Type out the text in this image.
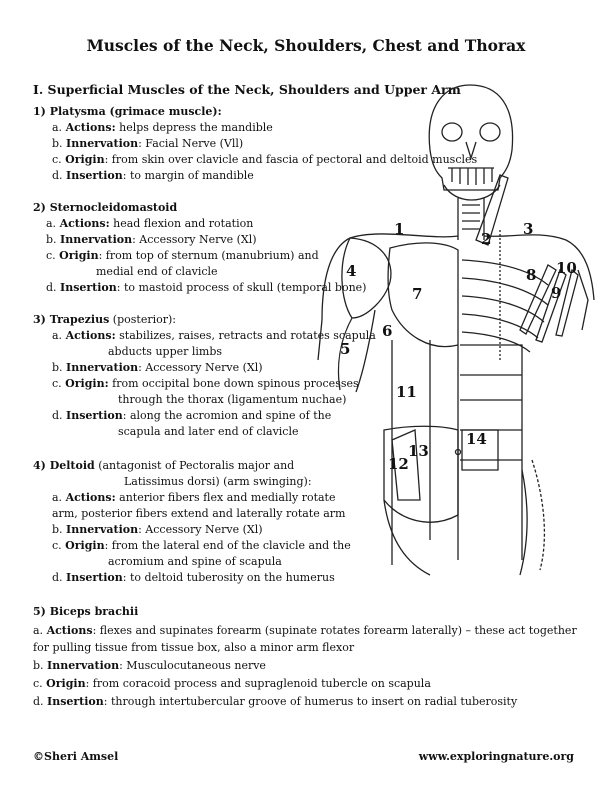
Muscles of the Neck, Shoulders, Chest and Thorax
I. Superficial Muscles of the Neck, Shoulders and Upper Arm
1) Platysma (grimace muscle):
a. Actions: helps depress the mandible
b. Innervation: Facial Nerve (Vll)
c. Origin: from skin over clavicle and fascia of pectoral and deltoid muscles
d. Insertion: to margin of mandible
2) Sternocleidomastoid
a. Actions: head flexion and rotation
b. Innervation: Accessory Nerve (Xl)
c. Origin: from top of sternum (manubrium) and
medial end of clavicle
d. Insertion: to mastoid process of skull (temporal bone)
3) Trapezius (posterior):
a. Actions: stabilizes, raises, retracts and rotates scapula
abducts upper limbs
b. Innervation: Accessory Nerve (Xl)
c. Origin: from occipital bone down spinous processes
through the thorax (ligamentum nuchae)
d. Insertion: along the acromion and spine of the
scapula and later end of clavicle
4) Deltoid (antagonist of Pectoralis major and
Latissimus dorsi) (arm swinging):
a. Actions: anterior fibers flex and medially rotate
arm, posterior fibers extend and laterally rotate arm
b. Innervation: Accessory Nerve (Xl)
c. Origin: from the lateral end of the clavicle and the
acromium and spine of scapula
d. Insertion: to deltoid tuberosity on the humerus
5) Biceps brachii
a. Actions: flexes and supinates forearm (supinate rotates forearm laterally) – these act together for pulling tissue from tissue box, also a minor arm flexor
b. Innervation: Musculocutaneous nerve
c. Origin: from coracoid process and supraglenoid tubercle on scapula
d. Insertion: through intertubercular groove of humerus to insert on radial tuberosity
1
2
3
4
5
6
7
8
9
10
11
12
13
14
©Sheri Amsel	www.exploringnature.org
